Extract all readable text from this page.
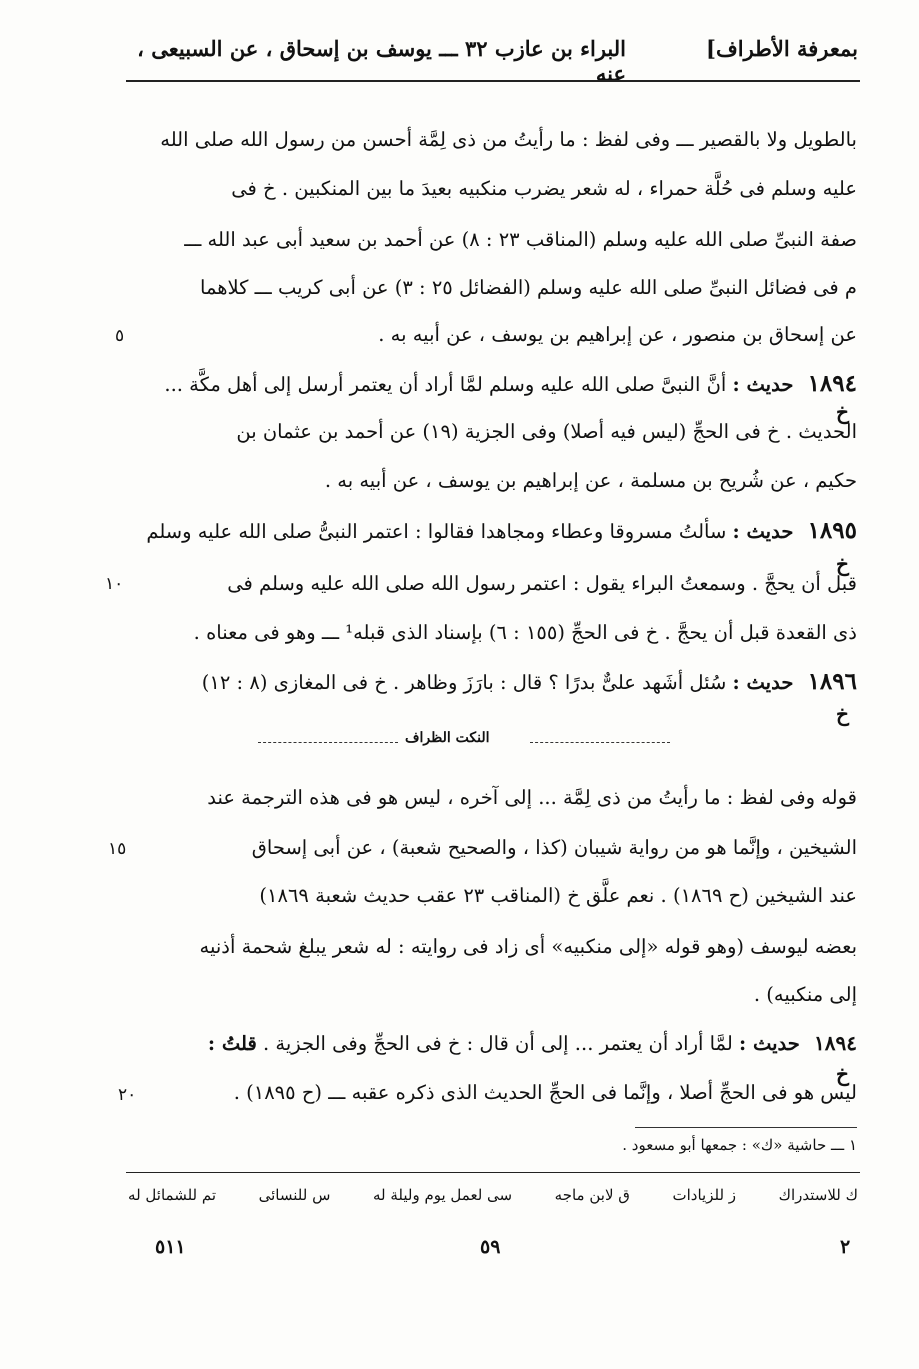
بمعرفة الأطراف]
البراء بن عازب ٣٢ ـــ يوسف بن إسحاق ، عن السبيعى ، عنه
بالطويل ولا بالقصير ـــ وفى لفظ : ما رأيتُ من ذى لِمَّة أحسن من رسول الله صلى الله
عليه وسلم فى حُلَّة حمراء ، له شعر يضرب منكبيه بعيدَ ما بين المنكبين . خ فى
صفة النبىِّ صلى الله عليه وسلم (المناقب ٢٣ : ٨) عن أحمد بن سعيد أبى عبد الله ـــ
م فى فضائل النبىِّ صلى الله عليه وسلم (الفضائل ٢٥ : ٣) عن أبى كريب ـــ كلاهما
عن إسحاق بن منصور ، عن إبراهيم بن يوسف ، عن أبيه به .
٥
١٨٩٤ حديث : أنَّ النبىَّ صلى الله عليه وسلم لمَّا أراد أن يعتمر أرسل إلى أهل مكَّة ...
خ
الحديث . خ فى الحجِّ (ليس فيه أصلا) وفى الجزية (١٩) عن أحمد بن عثمان بن
حكيم ، عن شُريح بن مسلمة ، عن إبراهيم بن يوسف ، عن أبيه به .
١٨٩٥ حديث : سألتُ مسروقا وعطاء ومجاهدا فقالوا : اعتمر النبىُّ صلى الله عليه وسلم
خ
قبل أن يحجَّ . وسمعتُ البراء يقول : اعتمر رسول الله صلى الله عليه وسلم فى
١٠
ذى القعدة قبل أن يحجَّ . خ فى الحجِّ (١٥٥ : ٦) بإسناد الذى قبله¹ ـــ وهو فى معناه .
١٨٩٦ حديث : سُئل أشَهد علىٌّ بدرًا ؟ قال : بارَزَ وظاهر . خ فى المغازى (٨ : ١٢)
خ
النكت الظراف
قوله وفى لفظ : ما رأيتُ من ذى لِمَّة ... إلى آخره ، ليس هو فى هذه الترجمة عند
الشيخين ، وإنَّما هو من رواية شيبان (كذا ، والصحيح شعبة) ، عن أبى إسحاق
١٥
عند الشيخين (ح ١٨٦٩) . نعم علَّق خ (المناقب ٢٣ عقب حديث شعبة ١٨٦٩)
بعضه ليوسف (وهو قوله «إلى منكبيه» أى زاد فى روايته : له شعر يبلغ شحمة أذنيه
إلى منكبيه) .
١٨٩٤ حديث : لمَّا أراد أن يعتمر ... إلى أن قال : خ فى الحجِّ وفى الجزية . قلتُ :
خ
ليس هو فى الحجِّ أصلا ، وإنَّما فى الحجِّ الحديث الذى ذكره عقبه ـــ (ح ١٨٩٥) .
٢٠
١ ـــ حاشية «ك» : جمعها أبو مسعود .
تم للشمائل له	س للنسائى	سى لعمل يوم وليلة له	ق لابن ماجه	ز للزيادات	ك للاستدراك
٢
٥٩
٥١١
